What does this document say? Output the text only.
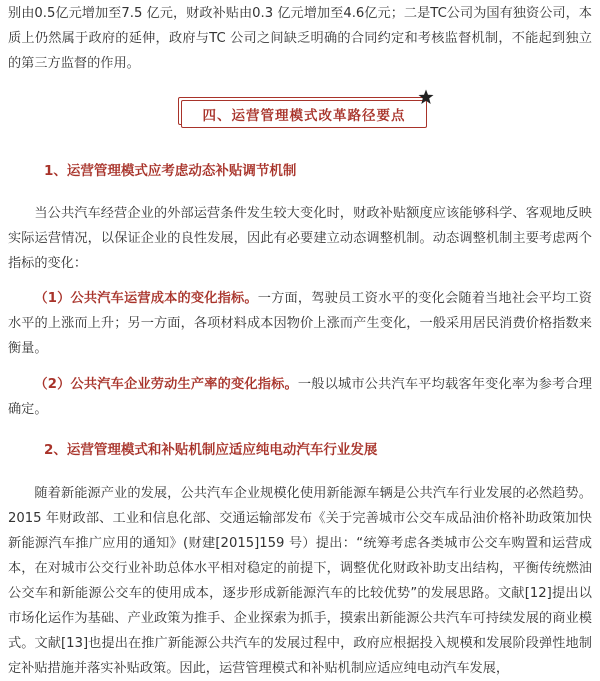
别由0.5亿元增加至7.5 亿元，财政补贴由0.3 亿元增加至4.6亿元；二是TC公司为国有独资公司，本质上仍然属于政府的延伸，政府与TC 公司之间缺乏明确的合同约定和考核监督机制，不能起到独立的第三方监督的作用。

四、运营管理模式改革路径要点
1、运营管理模式应考虑动态补贴调节机制

当公共汽车经营企业的外部运营条件发生较大变化时，财政补贴额度应该能够科学、客观地反映实际运营情况，以保证企业的良性发展，因此有必要建立动态调整机制。动态调整机制主要考虑两个指标的变化：

（1）公共汽车运营成本的变化指标。一方面，驾驶员工资水平的变化会随着当地社会平均工资水平的上涨而上升；另一方面，各项材料成本因物价上涨而产生变化，一般采用居民消费价格指数来衡量。

（2）公共汽车企业劳动生产率的变化指标。一般以城市公共汽车平均载客年变化率为参考合理确定。

2、运营管理模式和补贴机制应适应纯电动汽车行业发展

随着新能源产业的发展，公共汽车企业规模化使用新能源车辆是公共汽车行业发展的必然趋势。2015 年财政部、工业和信息化部、交通运输部发布《关于完善城市公交车成品油价格补助政策加快新能源汽车推广应用的通知》(财建[2015]159 号）提出：“统筹考虑各类城市公交车购置和运营成本，在对城市公交行业补助总体水平相对稳定的前提下，调整优化财政补助支出结构，平衡传统燃油公交车和新能源公交车的使用成本，逐步形成新能源汽车的比较优势”的发展思路。文献[12]提出以市场化运作为基础、产业政策为推手、企业探索为抓手，摸索出新能源公共汽车可持续发展的商业模式。文献[13]也提出在推广新能源公共汽车的发展过程中，政府应根据投入规模和发展阶段弹性地制定补贴措施并落实补贴政策。因此，运营管理模式和补贴机制应适应纯电动汽车发展，
